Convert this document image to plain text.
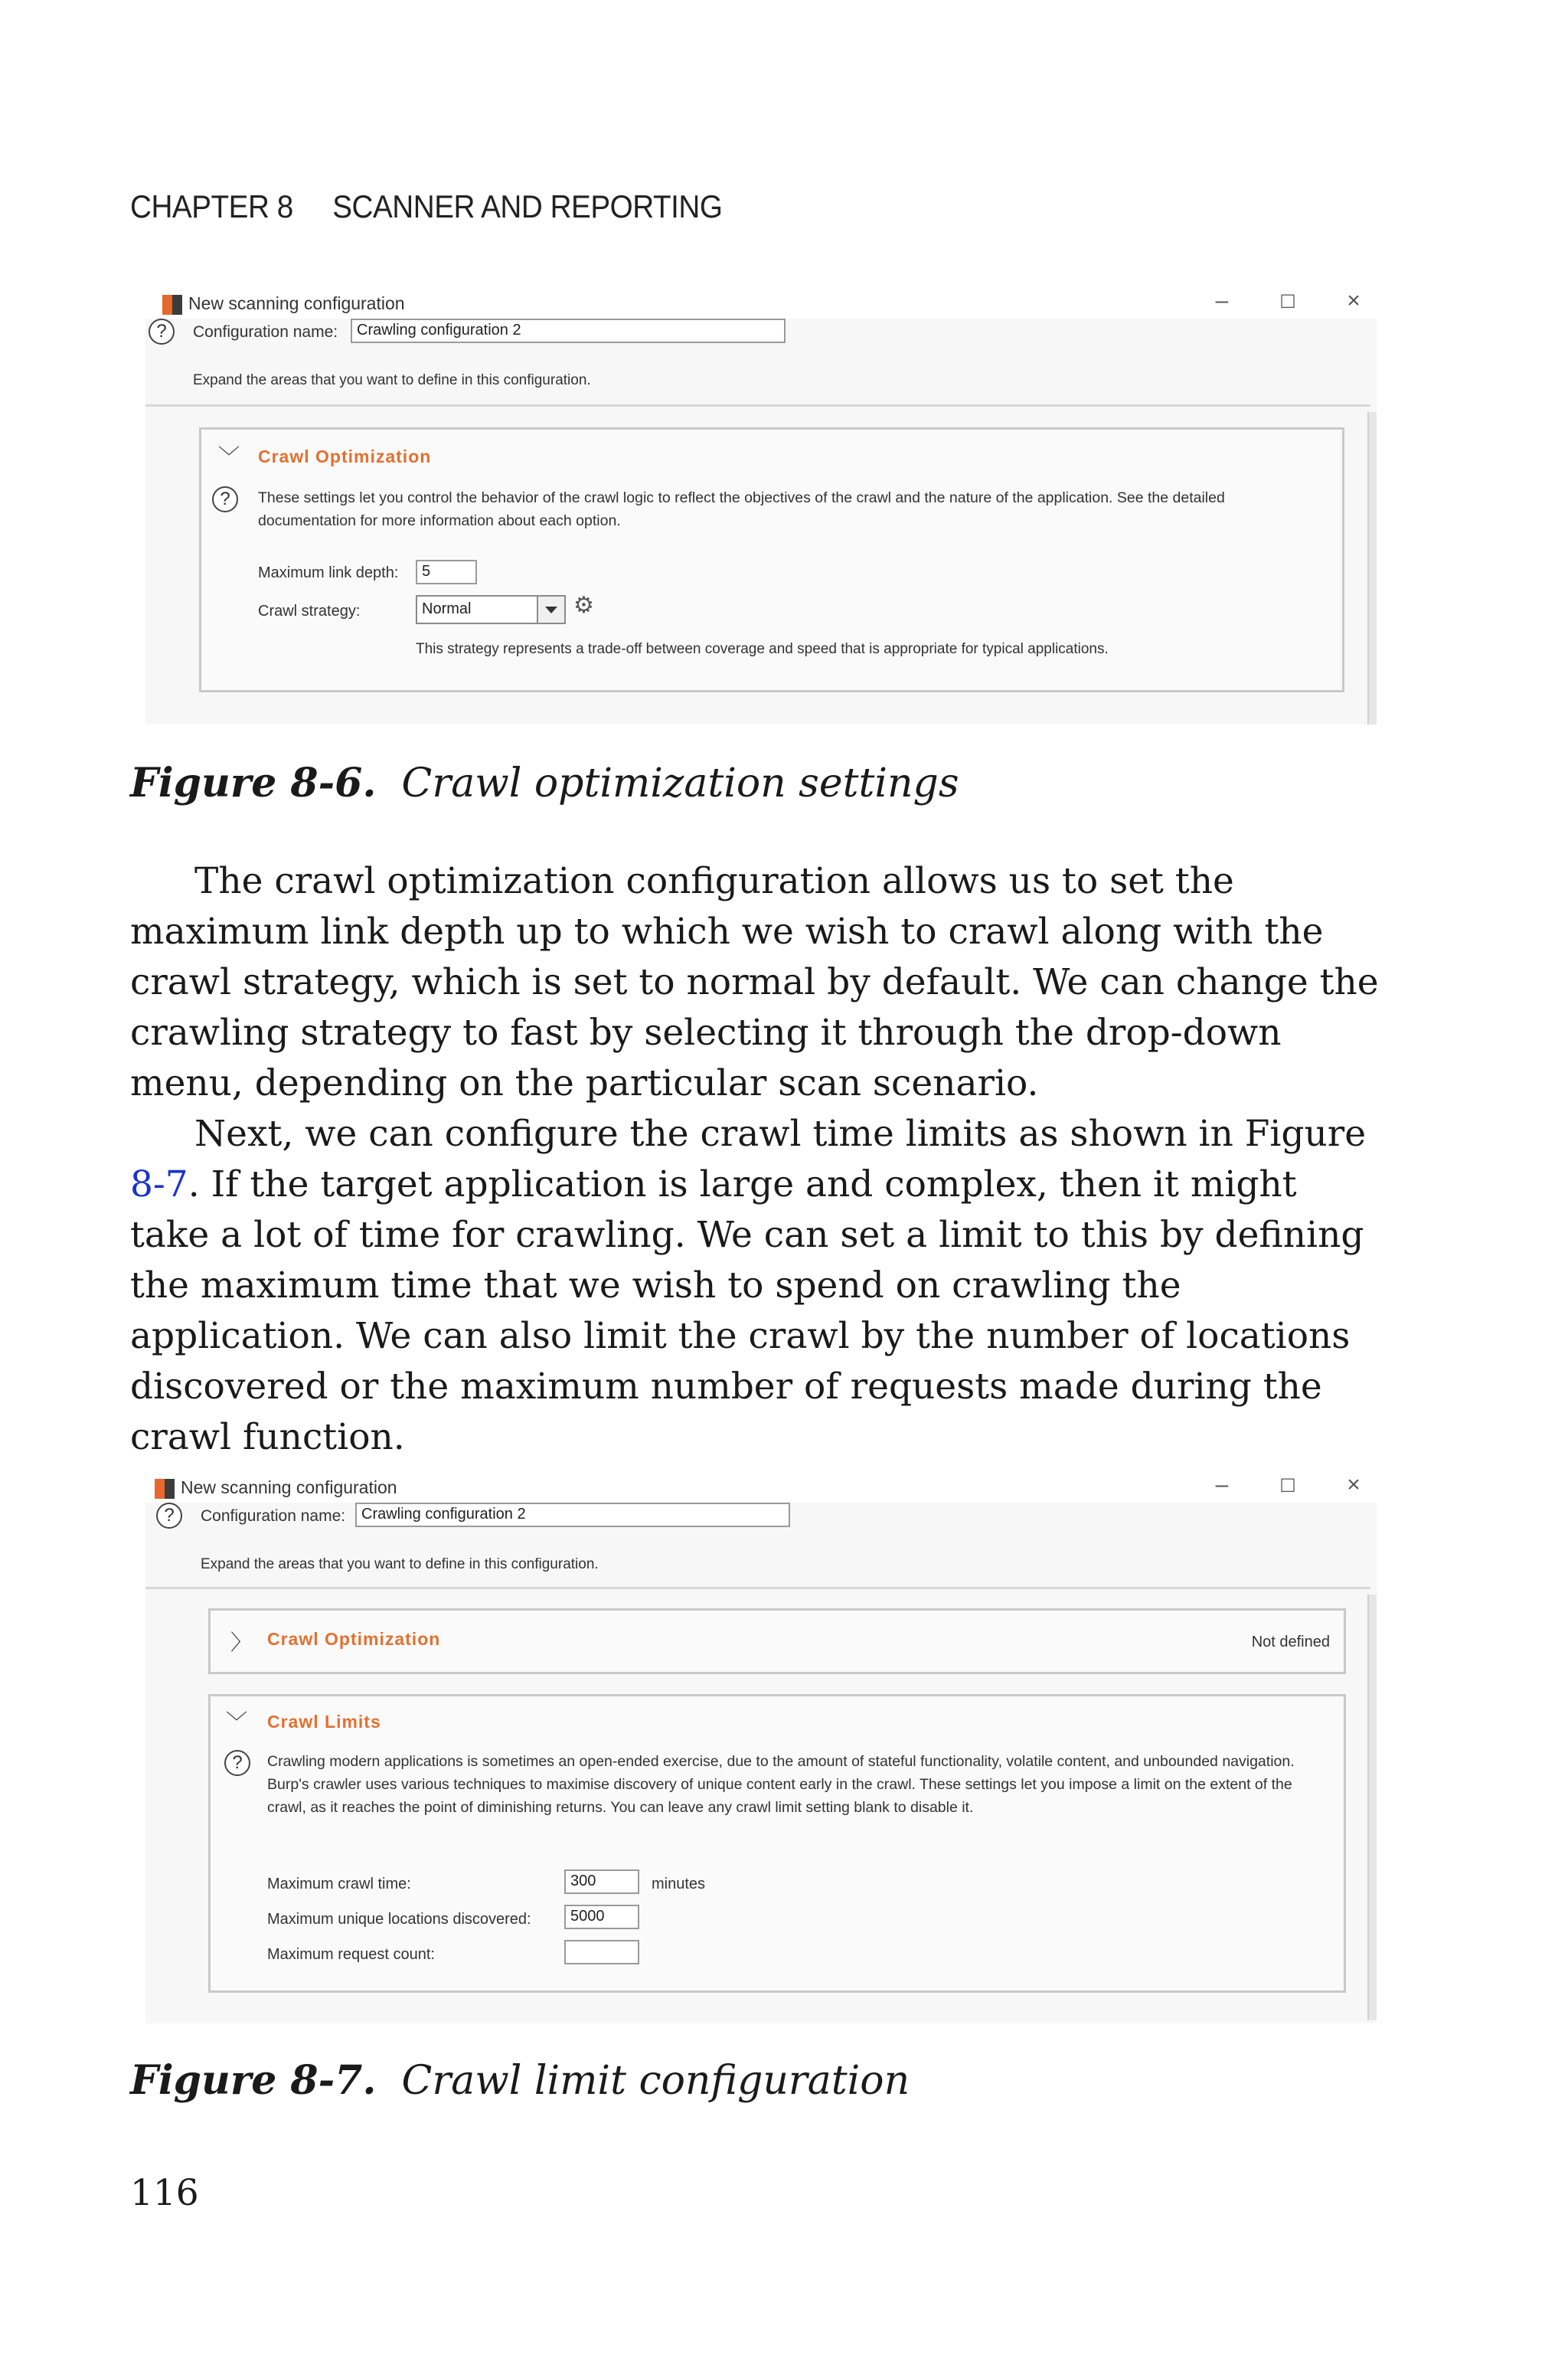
CHAPTER 8 SCANNER AND REPORTING
New scanning configuration	–	☐	×
?	Configuration name:	Crawling configuration 2
Expand the areas that you want to define in this configuration.
﹀ Crawl Optimization
?	These settings let you control the behavior of the crawl logic to reflect the objectives of the crawl and the nature of the application. See the detailed documentation for more information about each option.
Maximum link depth:	5
Crawl strategy:	Normal	⚙
This strategy represents a trade-off between coverage and speed that is appropriate for typical applications.
Figure 8-6. Crawl optimization settings
The crawl optimization configuration allows us to set the maximum link depth up to which we wish to crawl along with the crawl strategy, which is set to normal by default. We can change the crawling strategy to fast by selecting it through the drop-down menu, depending on the particular scan scenario.
Next, we can configure the crawl time limits as shown in Figure 8-7. If the target application is large and complex, then it might take a lot of time for crawling. We can set a limit to this by defining the maximum time that we wish to spend on crawling the application. We can also limit the crawl by the number of locations discovered or the maximum number of requests made during the crawl function.
New scanning configuration	–	☐	×
?	Configuration name:	Crawling configuration 2
Expand the areas that you want to define in this configuration.
〉 Crawl Optimization	Not defined
﹀ Crawl Limits
?	Crawling modern applications is sometimes an open-ended exercise, due to the amount of stateful functionality, volatile content, and unbounded navigation. Burp's crawler uses various techniques to maximise discovery of unique content early in the crawl. These settings let you impose a limit on the extent of the crawl, as it reaches the point of diminishing returns. You can leave any crawl limit setting blank to disable it.
Maximum crawl time:	300	minutes
Maximum unique locations discovered:	5000
Maximum request count:
Figure 8-7. Crawl limit configuration
116
